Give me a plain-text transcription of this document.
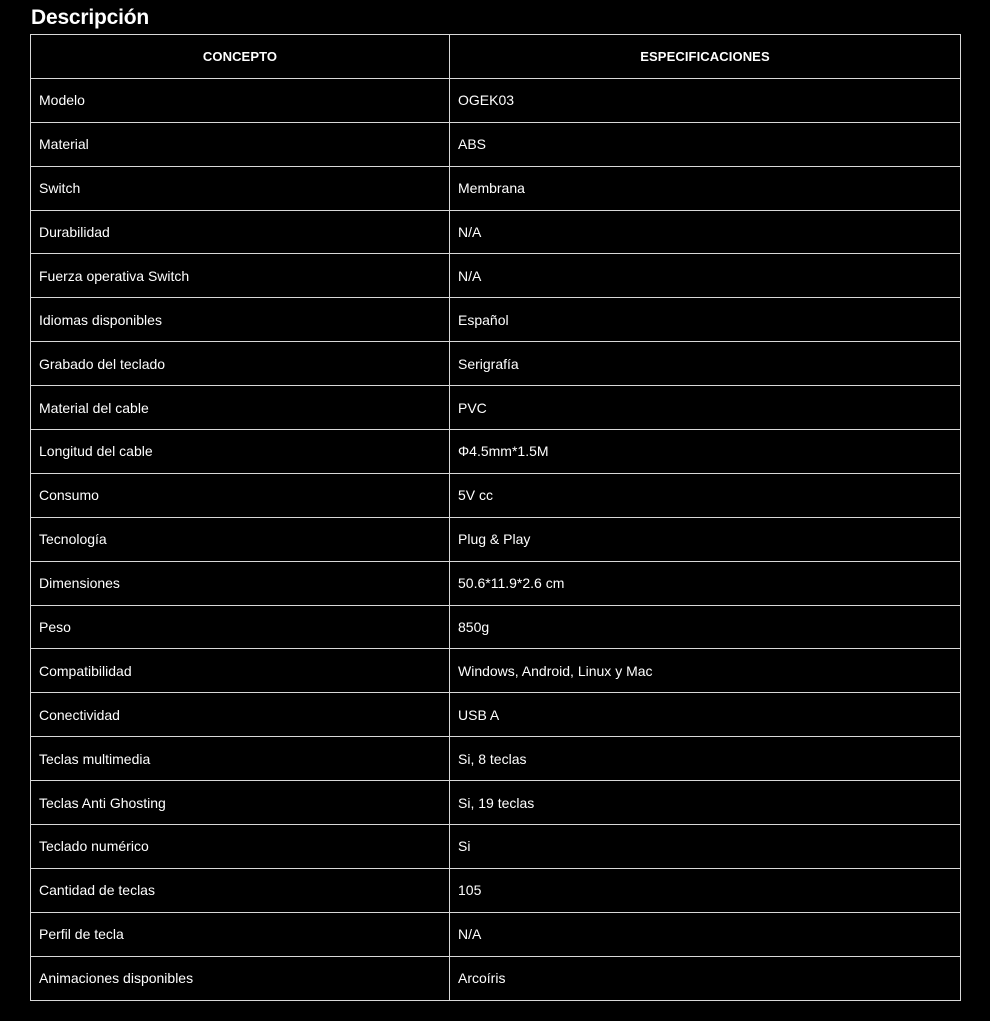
Descripción
CONCEPTO	ESPECIFICACIONES
Modelo	OGEK03
Material	ABS
Switch	Membrana
Durabilidad	N/A
Fuerza operativa Switch	N/A
Idiomas disponibles	Español
Grabado del teclado	Serigrafía
Material del cable	PVC
Longitud del cable	Φ4.5mm*1.5M
Consumo	5V cc
Tecnología	Plug & Play
Dimensiones	50.6*11.9*2.6 cm
Peso	850g
Compatibilidad	Windows, Android, Linux y Mac
Conectividad	USB A
Teclas multimedia	Si, 8 teclas
Teclas Anti Ghosting	Si, 19 teclas
Teclado numérico	Si
Cantidad de teclas	105
Perfil de tecla	N/A
Animaciones disponibles	Arcoíris
